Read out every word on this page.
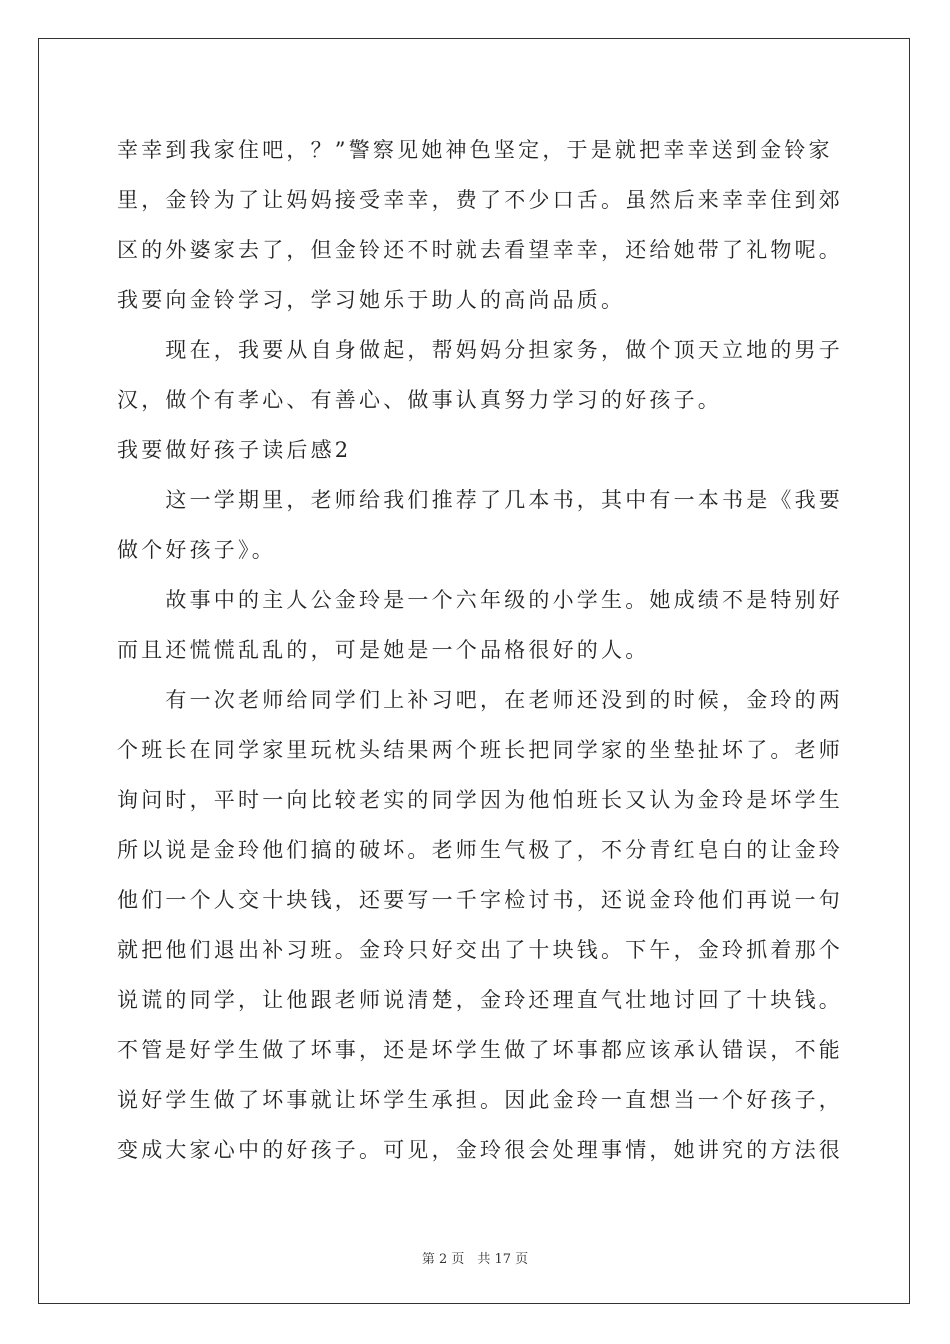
幸幸到我家住吧，？”警察见她神色坚定，于是就把幸幸送到金铃家
里，金铃为了让妈妈接受幸幸，费了不少口舌。虽然后来幸幸住到郊
区的外婆家去了，但金铃还不时就去看望幸幸，还给她带了礼物呢。
我要向金铃学习，学习她乐于助人的高尚品质。
　　现在，我要从自身做起，帮妈妈分担家务，做个顶天立地的男子
汉，做个有孝心、有善心、做事认真努力学习的好孩子。
我要做好孩子读后感2
　　这一学期里，老师给我们推荐了几本书，其中有一本书是《我要
做个好孩子》。
　　故事中的主人公金玲是一个六年级的小学生。她成绩不是特别好
而且还慌慌乱乱的，可是她是一个品格很好的人。
　　有一次老师给同学们上补习吧，在老师还没到的时候，金玲的两
个班长在同学家里玩枕头结果两个班长把同学家的坐垫扯坏了。老师
询问时，平时一向比较老实的同学因为他怕班长又认为金玲是坏学生
所以说是金玲他们搞的破坏。老师生气极了，不分青红皂白的让金玲
他们一个人交十块钱，还要写一千字检讨书，还说金玲他们再说一句
就把他们退出补习班。金玲只好交出了十块钱。下午，金玲抓着那个
说谎的同学，让他跟老师说清楚，金玲还理直气壮地讨回了十块钱。
不管是好学生做了坏事，还是坏学生做了坏事都应该承认错误，不能
说好学生做了坏事就让坏学生承担。因此金玲一直想当一个好孩子，
变成大家心中的好孩子。可见，金玲很会处理事情，她讲究的方法很
第 2 页　共 17 页
